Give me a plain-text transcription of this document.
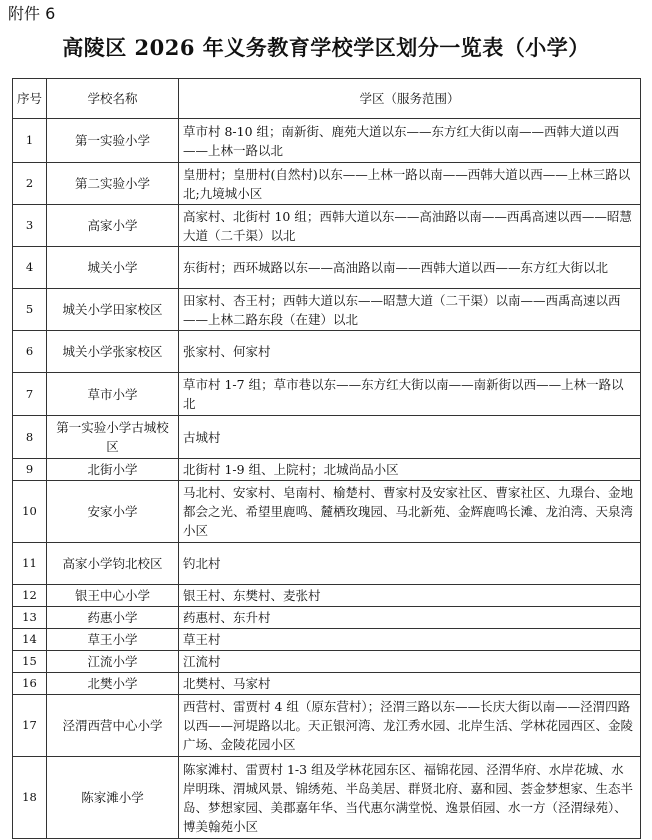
附件 6
高陵区 2026 年义务教育学校学区划分一览表（小学）
序号	学校名称	学区（服务范围）
1	第一实验小学	草市村 8-10 组；南新街、鹿苑大道以东——东方红大街以南——西韩大道以西——上林一路以北
2	第二实验小学	皇册村；皇册村(自然村)以东——上林一路以南——西韩大道以西——上林三路以北;九境城小区
3	高家小学	高家村、北街村 10 组；西韩大道以东——高油路以南——西禹高速以西——昭慧大道（二千渠）以北
4	城关小学	东街村；西环城路以东——高油路以南——西韩大道以西——东方红大街以北
5	城关小学田家校区	田家村、杏王村；西韩大道以东——昭慧大道（二干渠）以南——西禹高速以西——上林二路东段（在建）以北
6	城关小学张家校区	张家村、何家村
7	草市小学	草市村 1-7 组；草市巷以东——东方红大街以南——南新街以西——上林一路以北
8	第一实验小学古城校区	古城村
9	北街小学	北街村 1-9 组、上院村；北城尚品小区
10	安家小学	马北村、安家村、皂南村、榆楚村、曹家村及安家社区、曹家社区、九璟台、金地都会之光、希望里鹿鸣、麓栖玫瑰园、马北新苑、金辉鹿鸣长滩、龙泊湾、天泉湾小区
11	高家小学钧北校区	钓北村
12	银王中心小学	银王村、东樊村、麦张村
13	药惠小学	药惠村、东升村
14	草王小学	草王村
15	江流小学	江流村
16	北樊小学	北樊村、马家村
17	泾渭西营中心小学	西营村、雷贾村 4 组（原东营村）；泾渭三路以东——长庆大街以南——泾渭四路以西——河堤路以北。天正银河湾、龙江秀水园、北岸生活、学林花园西区、金陵广场、金陵花园小区
18	陈家滩小学	陈家滩村、雷贾村 1-3 组及学林花园东区、福锦花园、泾渭华府、水岸花城、水岸明珠、渭城风景、锦绣苑、半岛美居、群贤北府、嘉和园、荟金梦想家、生态半岛、梦想家园、美郡嘉年华、当代惠尔满堂悦、逸景佰园、水一方（泾渭绿苑）、博美翰苑小区
